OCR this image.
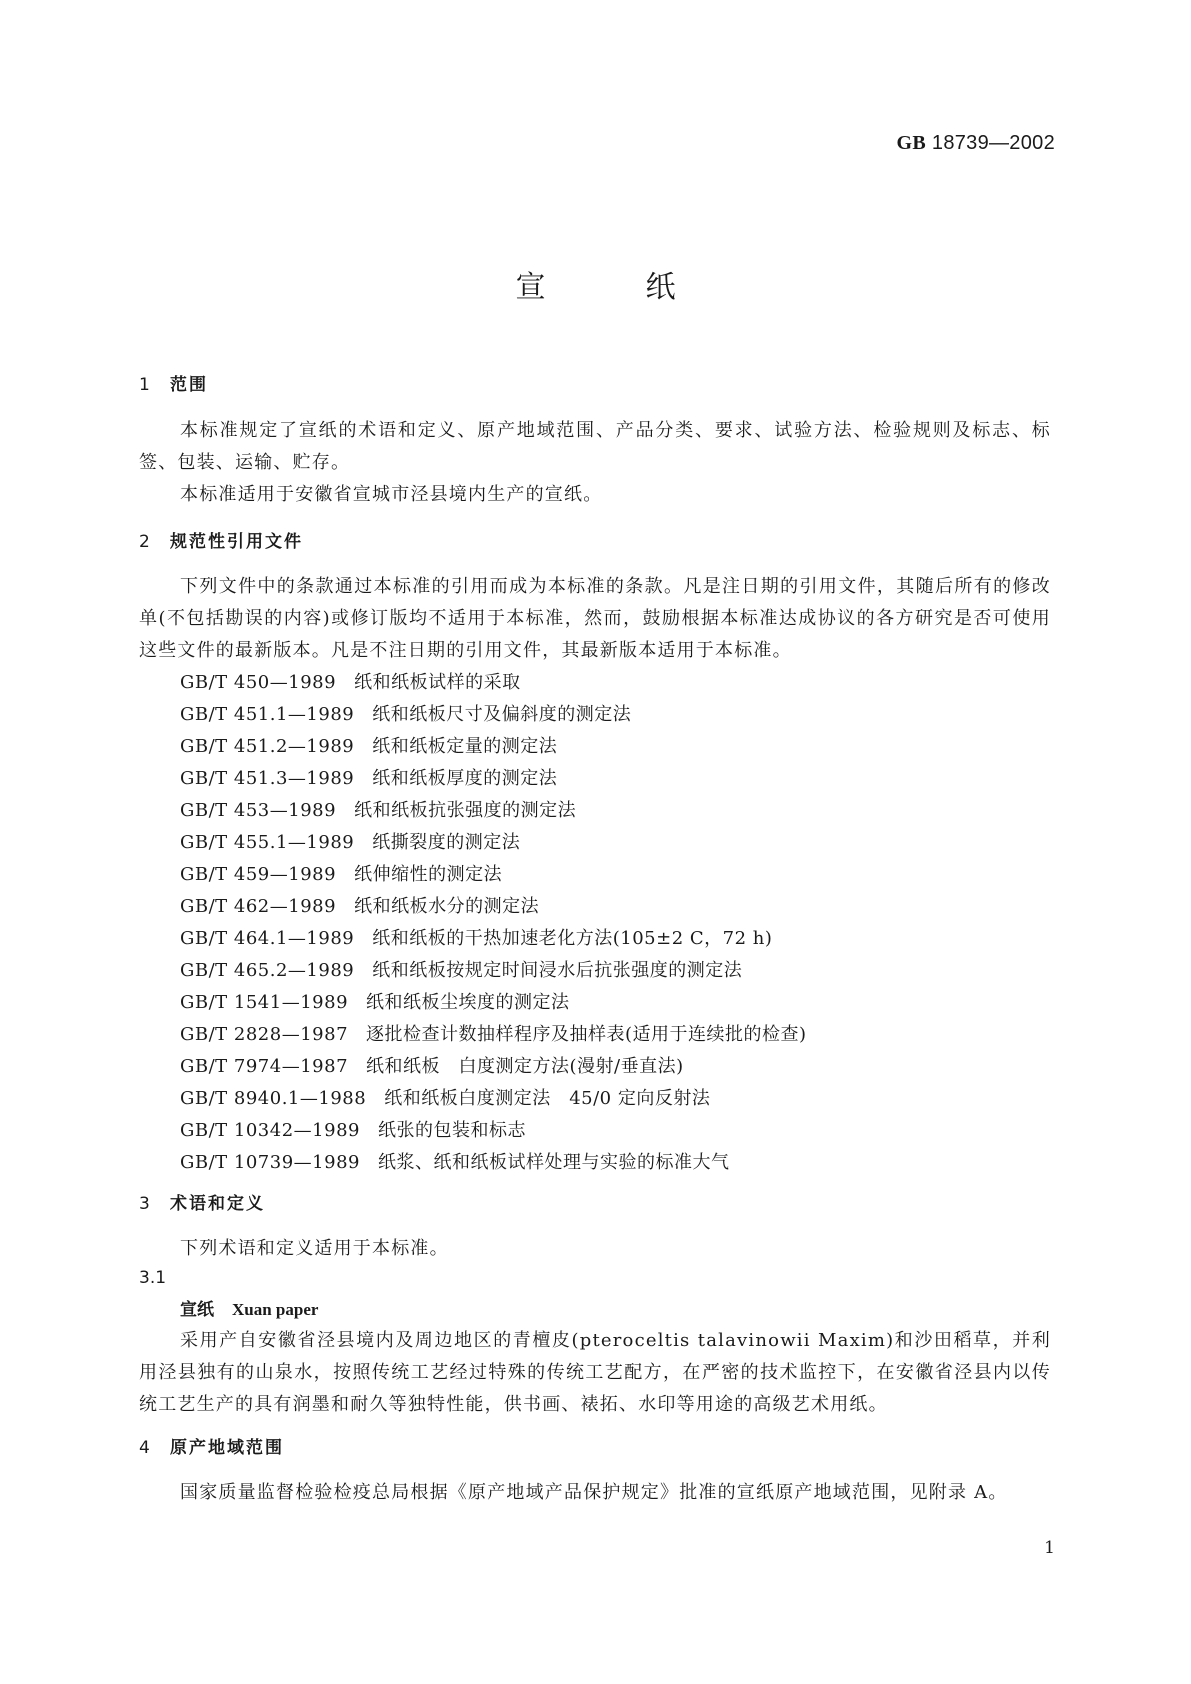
GB 18739—2002
宣纸
1 范围
本标准规定了宣纸的术语和定义、原产地域范围、产品分类、要求、试验方法、检验规则及标志、标签、包装、运输、贮存。
本标准适用于安徽省宣城市泾县境内生产的宣纸。
2 规范性引用文件
下列文件中的条款通过本标准的引用而成为本标准的条款。凡是注日期的引用文件，其随后所有的修改单(不包括勘误的内容)或修订版均不适用于本标准，然而，鼓励根据本标准达成协议的各方研究是否可使用这些文件的最新版本。凡是不注日期的引用文件，其最新版本适用于本标准。
GB/T 450—1989 纸和纸板试样的采取
GB/T 451.1—1989 纸和纸板尺寸及偏斜度的测定法
GB/T 451.2—1989 纸和纸板定量的测定法
GB/T 451.3—1989 纸和纸板厚度的测定法
GB/T 453—1989 纸和纸板抗张强度的测定法
GB/T 455.1—1989 纸撕裂度的测定法
GB/T 459—1989 纸伸缩性的测定法
GB/T 462—1989 纸和纸板水分的测定法
GB/T 464.1—1989 纸和纸板的干热加速老化方法(105±2 C，72 h)
GB/T 465.2—1989 纸和纸板按规定时间浸水后抗张强度的测定法
GB/T 1541—1989 纸和纸板尘埃度的测定法
GB/T 2828—1987 逐批检查计数抽样程序及抽样表(适用于连续批的检查)
GB/T 7974—1987 纸和纸板　白度测定方法(漫射/垂直法)
GB/T 8940.1—1988 纸和纸板白度测定法　45/0 定向反射法
GB/T 10342—1989 纸张的包装和标志
GB/T 10739—1989 纸浆、纸和纸板试样处理与实验的标准大气
3 术语和定义
下列术语和定义适用于本标准。
3.1
宣纸 Xuan paper
采用产自安徽省泾县境内及周边地区的青檀皮(pteroceltis talavinowii Maxim)和沙田稻草，并利用泾县独有的山泉水，按照传统工艺经过特殊的传统工艺配方，在严密的技术监控下，在安徽省泾县内以传统工艺生产的具有润墨和耐久等独特性能，供书画、裱拓、水印等用途的高级艺术用纸。
4 原产地域范围
国家质量监督检验检疫总局根据《原产地域产品保护规定》批准的宣纸原产地域范围，见附录 A。
1
